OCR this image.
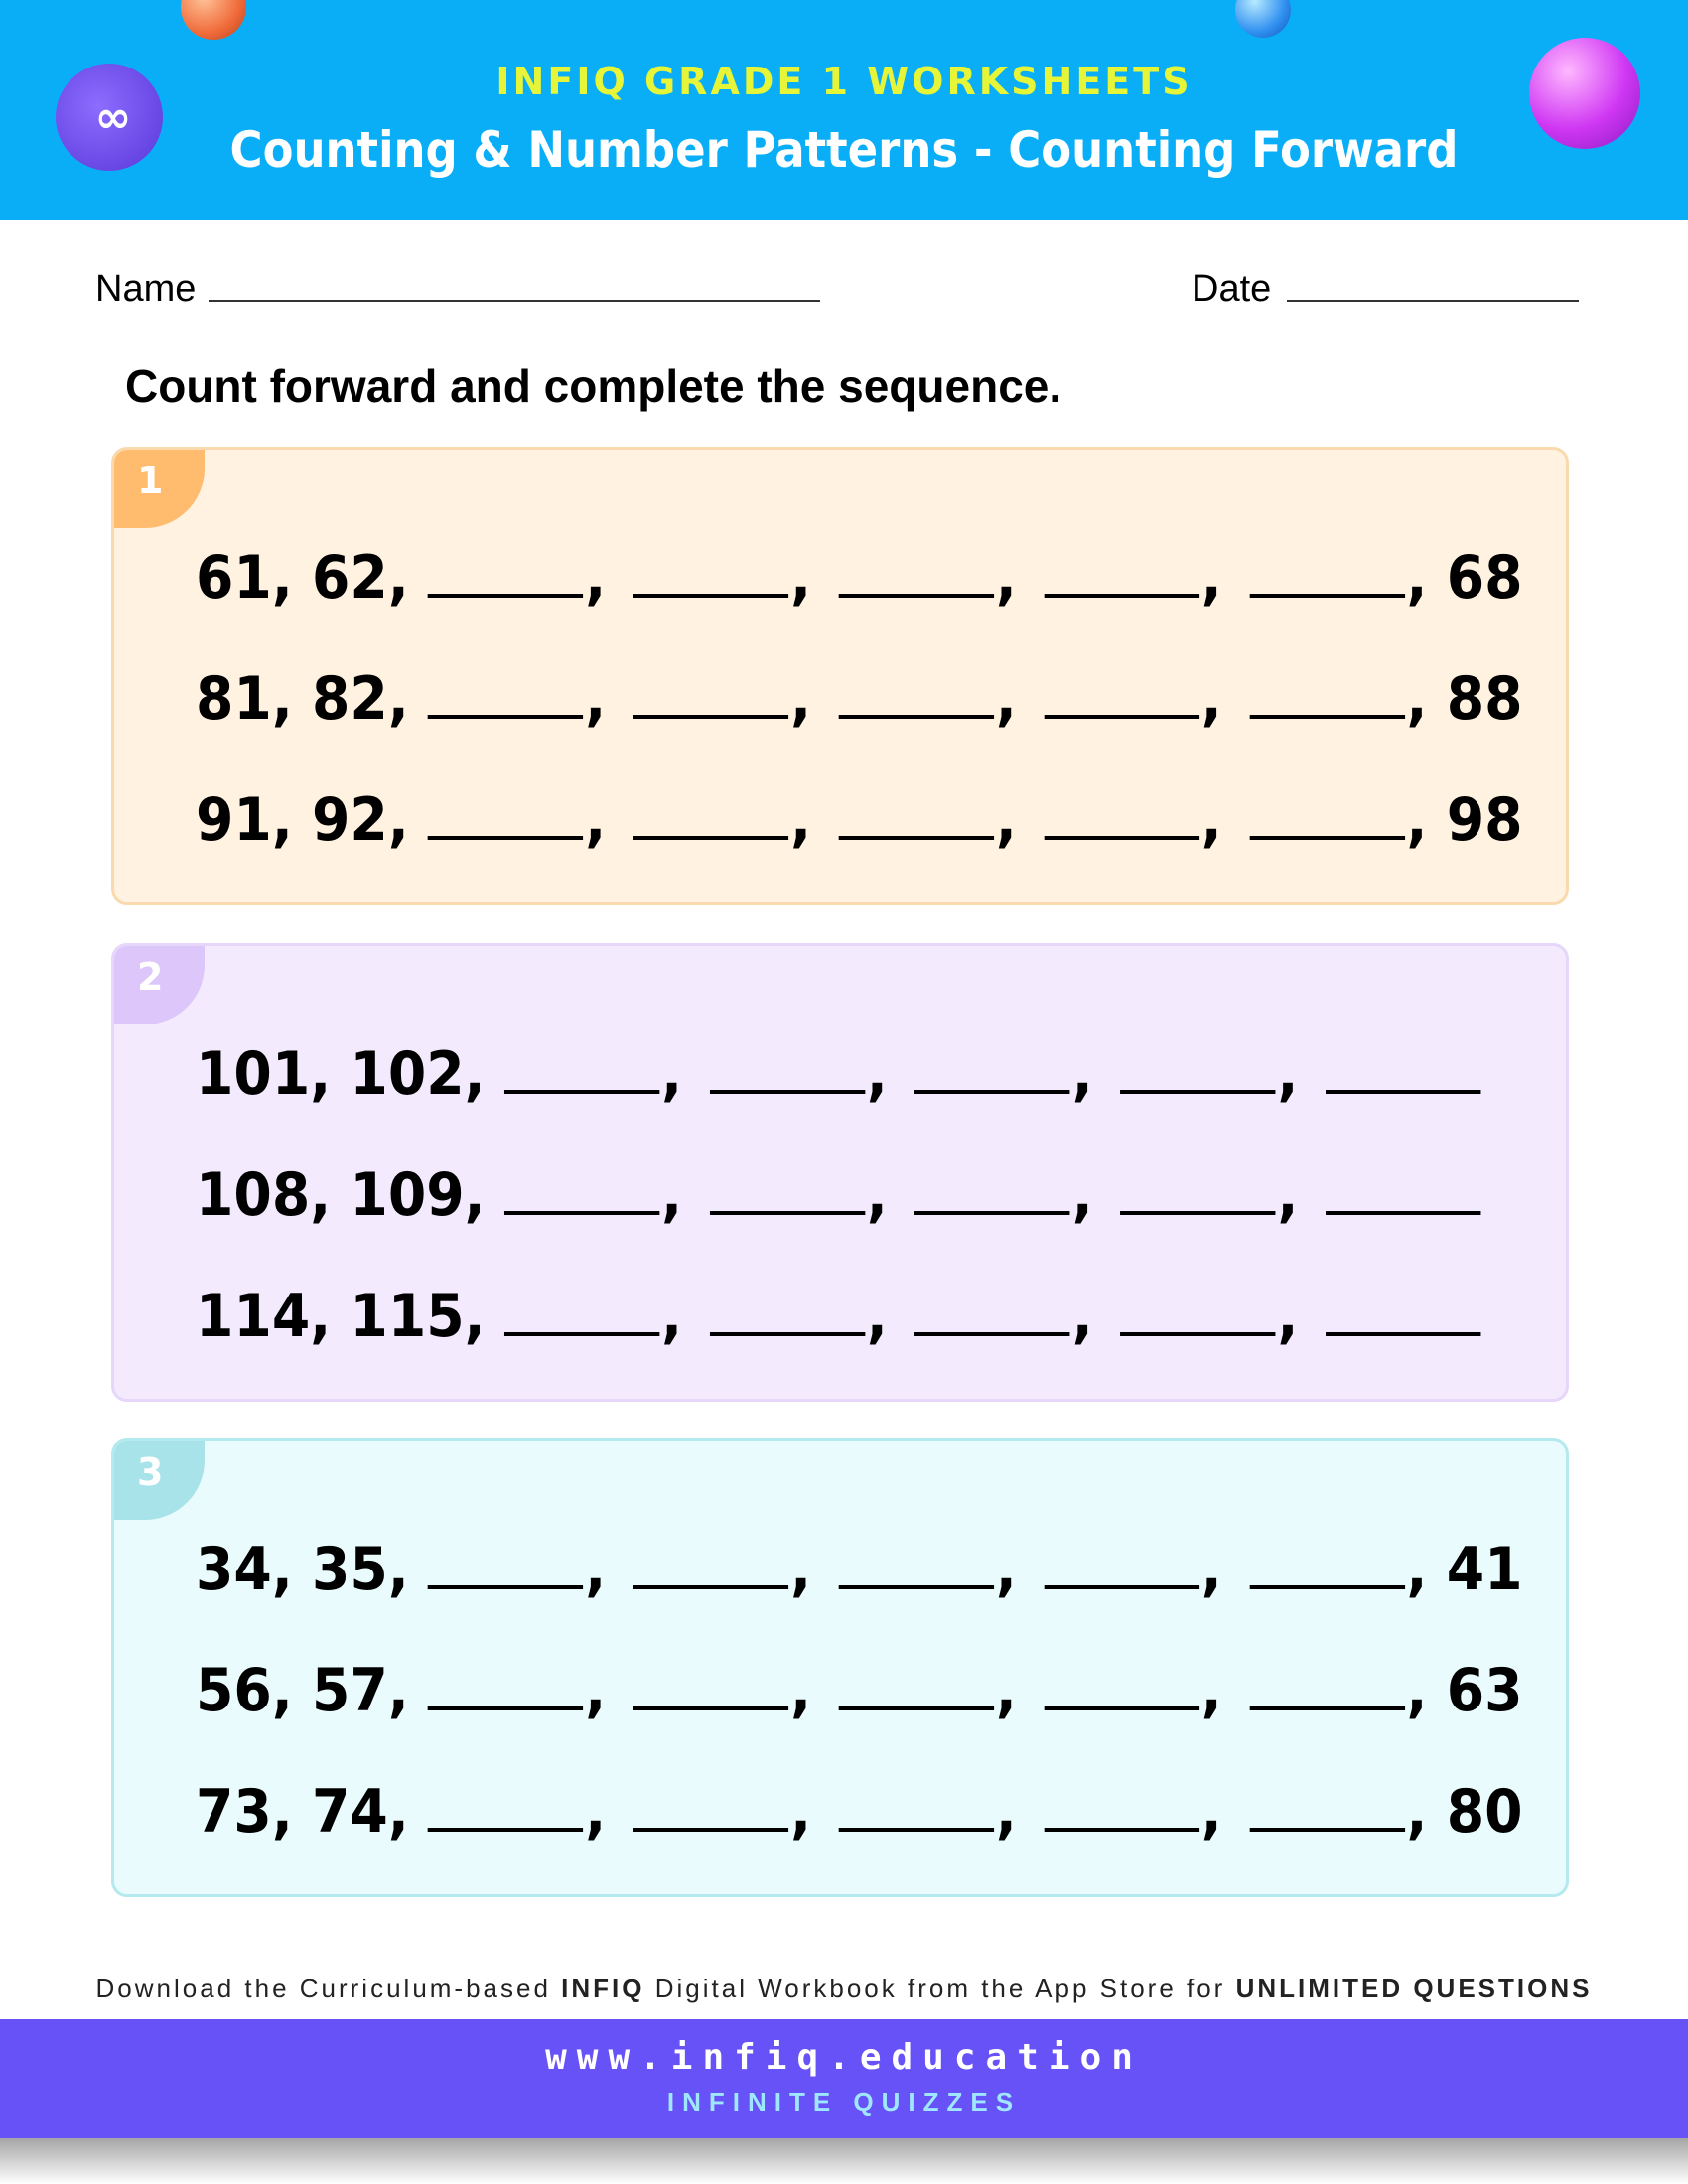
∞
INFIQ GRADE 1 WORKSHEETS
Counting & Number Patterns - Counting Forward
Name	Date
Count forward and complete the sequence.
1
61, 62,	,	,	,	,	, 68
81, 82,	,	,	,	,	, 88
91, 92,	,	,	,	,	, 98
2
101, 102,	,	,	,	,
108, 109,	,	,	,	,
114, 115,	,	,	,	,
3
34, 35,	,	,	,	,	, 41
56, 57,	,	,	,	,	, 63
73, 74,	,	,	,	,	, 80
Download the Curriculum-based INFIQ Digital Workbook from the App Store for UNLIMITED QUESTIONS
www.infiq.education
INFINITE QUIZZES
